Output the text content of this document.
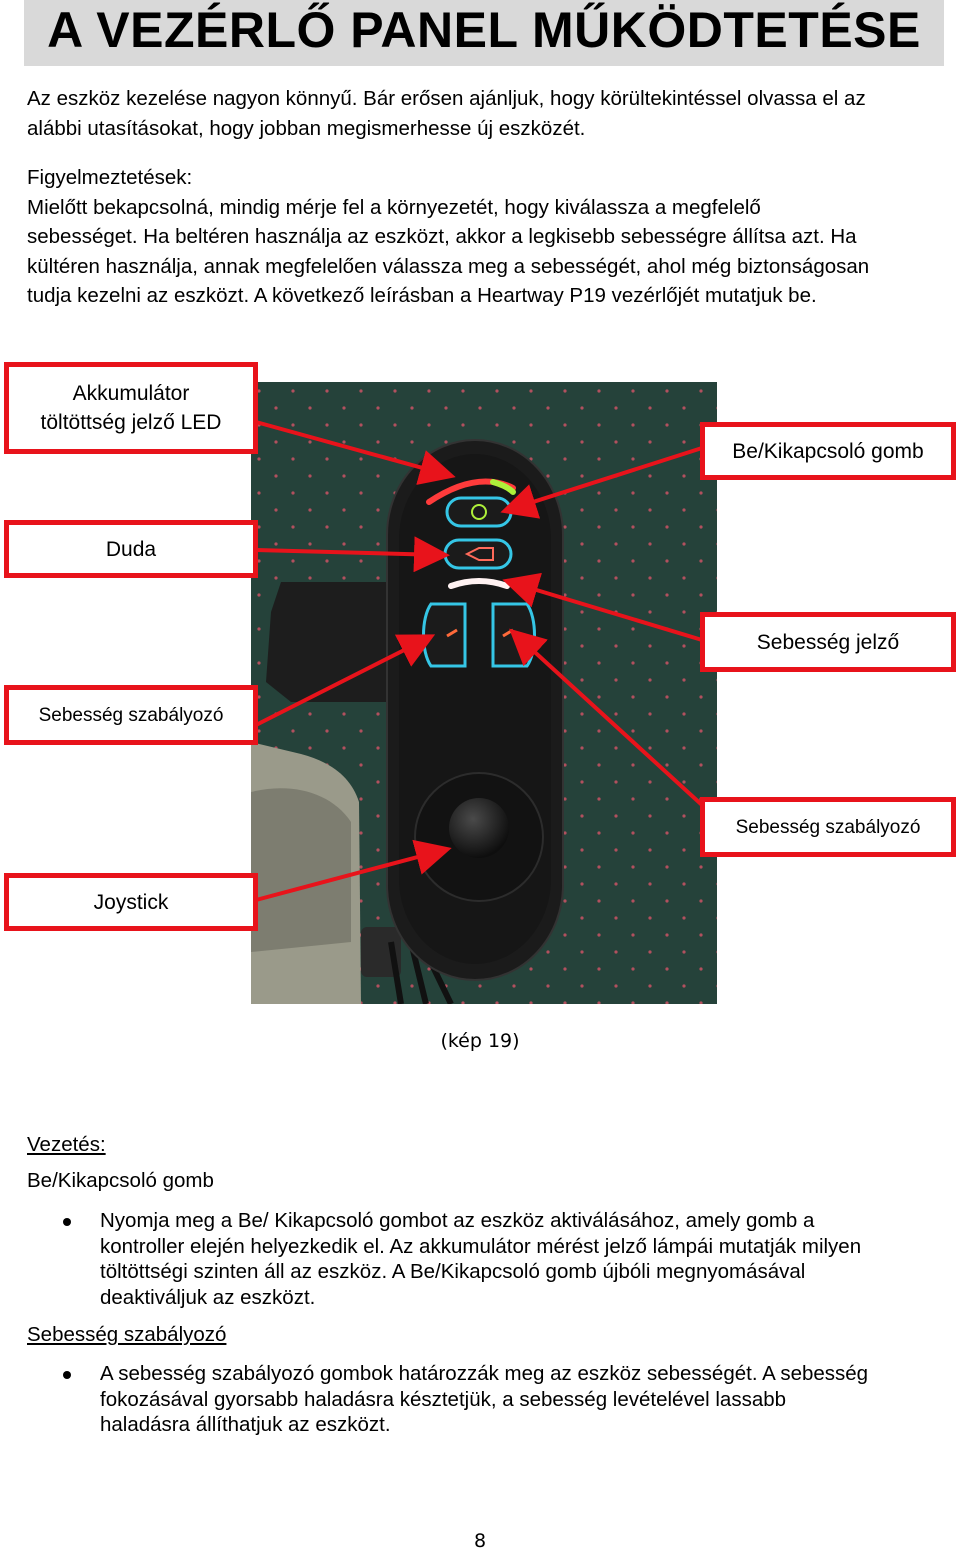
A VEZÉRLŐ PANEL MŰKÖDTETÉSE
Az eszköz kezelése nagyon könnyű. Bár erősen ajánljuk, hogy körültekintéssel olvassa el az
alábbi utasításokat, hogy jobban megismerhesse új eszközét.
Figyelmeztetések:
Mielőtt bekapcsolná, mindig mérje fel a környezetét, hogy kiválassza a megfelelő
sebességet. Ha beltéren használja az eszközt, akkor a legkisebb sebességre állítsa azt. Ha
kültéren használja, annak megfelelően válassza meg a sebességét, ahol még biztonságosan
tudja kezelni az eszközt. A következő leírásban a Heartway P19 vezérlőjét mutatjuk be.
Akkumulátor
töltöttség jelző LED
Be/Kikapcsoló gomb
Duda
Sebesség jelző
Sebesség szabályozó
Sebesség szabályozó
Joystick
(kép 19)
Vezetés:
Be/Kikapcsoló gomb
Nyomja meg a Be/ Kikapcsoló gombot az eszköz aktiválásához, amely gomb a
kontroller elején helyezkedik el. Az akkumulátor mérést jelző lámpái mutatják milyen
töltöttségi szinten áll az eszköz. A Be/Kikapcsoló gomb újbóli megnyomásával
deaktiváljuk az eszközt.
Sebesség szabályozó
A sebesség szabályozó gombok határozzák meg az eszköz sebességét. A sebesség
fokozásával gyorsabb haladásra késztetjük, a sebesség levételével lassabb
haladásra állíthatjuk az eszközt.
8
